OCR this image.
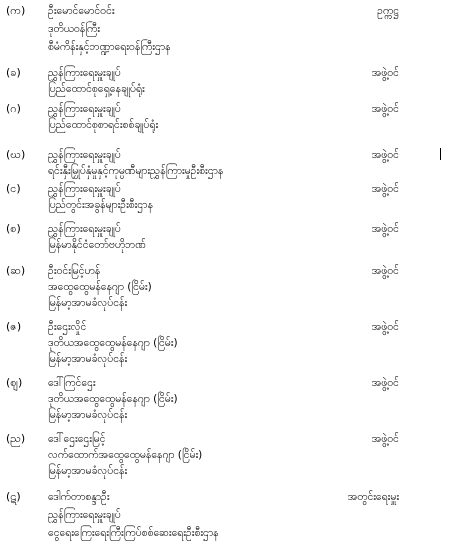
(က) ဦးမောင်မောင်ဝင်း
ဒုတိယဝန်ကြီး
စီမံကိန်းနှင့်ဘဏ္ဍာရေးဝန်ကြီးဌာန
ဥက္ကဋ္ဌ
(ခ)	ညွှန်ကြားရေးမှူးချုပ်
ပြည်ထောင်စုရှေ့နေချုပ်ရုံး
အဖွဲ့ဝင်
(ဂ)	ညွှန်ကြားရေးမှူးချုပ်
ပြည်ထောင်စုစာရင်းစစ်ချုပ်ရုံး
အဖွဲ့ဝင်
(ဃ) ညွှန်ကြားရေးမှူးချုပ်
ရင်းနှီးမြှုပ်နှံမှုနှင့်ကုမ္ပဏီများညွှန်ကြားမှုဦးစီးဌာန
အဖွဲ့ဝင်
(င)	ညွှန်ကြားရေးမှူးချုပ်
ပြည်တွင်းအခွန်များဦးစီးဌာန
အဖွဲ့ဝင်
(စ)	ညွှန်ကြားရေးမှူးချုပ်
မြန်မာနိုင်ငံတော်ဗဟိုဘဏ်
အဖွဲ့ဝင်
(ဆ) ဦးဝင်းမြင့်ဟန်
အထွေထွေမန်နေဂျာ (ငြိမ်း)
မြန်မာ့အာမခံလုပ်ငန်း
အဖွဲ့ဝင်
(ဇ)	ဦးဌေးလှိုင်
ဒုတိယအထွေထွေမန်နေဂျာ (ငြိမ်း)
မြန်မာ့အာမခံလုပ်ငန်း
အဖွဲ့ဝင်
(ဈ) ဒေါ်ကြင်ဌေး
ဒုတိယအထွေထွေမန်နေဂျာ (ငြိမ်း)
မြန်မာ့အာမခံလုပ်ငန်း
အဖွဲ့ဝင်
(ည) ဒေါ်ဌေးဌေးမြင့်
လက်ထောက်အထွေထွေမန်နေဂျာ (ငြိမ်း)
မြန်မာ့အာမခံလုပ်ငန်း
အဖွဲ့ဝင်
(ဋ)	ဒေါက်တာစန္ဒာဦး
ညွှန်ကြားရေးမှူးချုပ်
ငွေရေးကြေးရေးကြီးကြပ်စစ်ဆေးရေးဦးစီးဌာန
အတွင်းရေးမှူး
